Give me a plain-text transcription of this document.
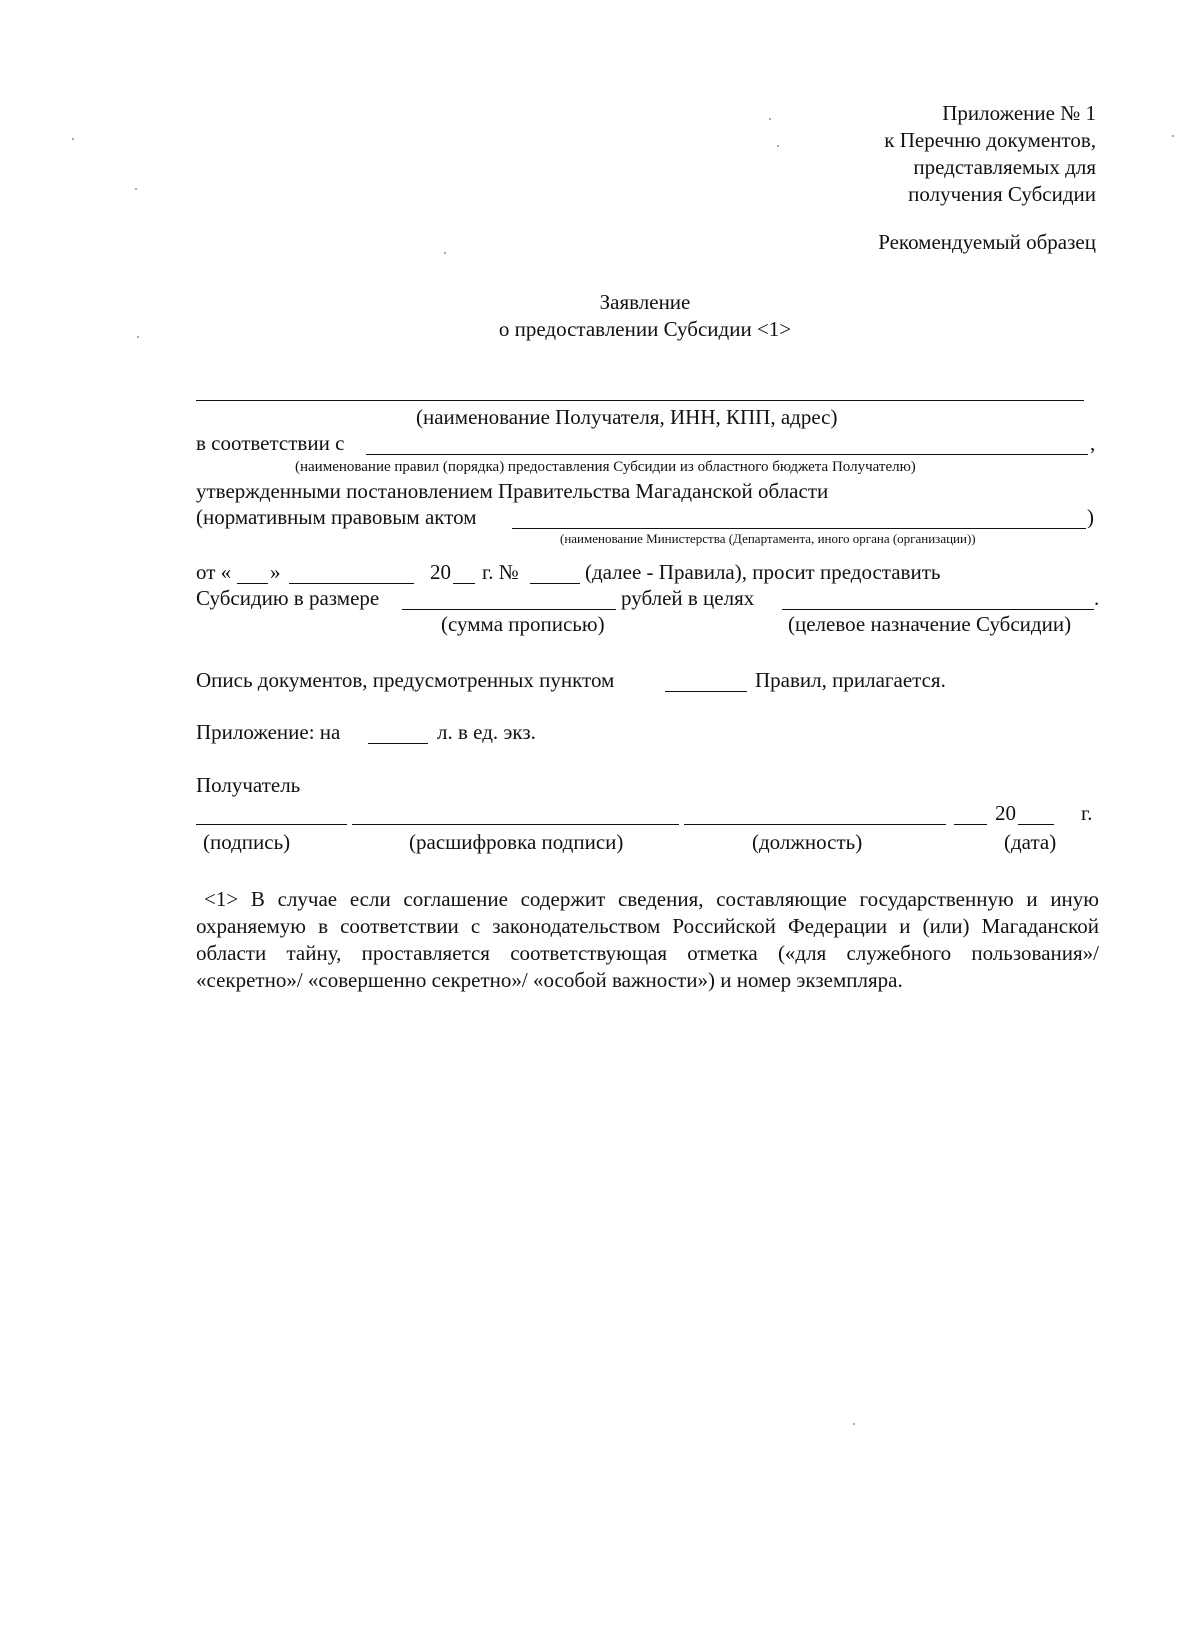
Приложение № 1
к Перечню документов,
представляемых для
получения Субсидии
Рекомендуемый образец
Заявление
о предоставлении Субсидии <1>
(наименование Получателя, ИНН, КПП, адрес)
в соответствии с	,
(наименование правил (порядка) предоставления Субсидии из областного бюджета Получателю)
утвержденными постановлением Правительства Магаданской области
(нормативным правовым актом	)
(наименование Министерства (Департамента, иного органа (организации))
от « »	20 г. №	(далее - Правила), просит предоставить
Субсидию в размере	рублей в целях	.
(сумма прописью)	(целевое назначение Субсидии)
Опись документов, предусмотренных пунктом	Правил, прилагается.
Приложение: на	л. в ед. экз.
Получатель
20	г.
(подпись)	(расшифровка подписи)	(должность)	(дата)

<1> В случае если соглашение содержит сведения, составляющие государственную и иную охраняемую в соответствии с законодательством Российской Федерации и (или) Магаданской области тайну, проставляется соответствующая отметка («для служебного пользования»/ «секретно»/ «совершенно секретно»/ «особой важности») и номер экземпляра.
